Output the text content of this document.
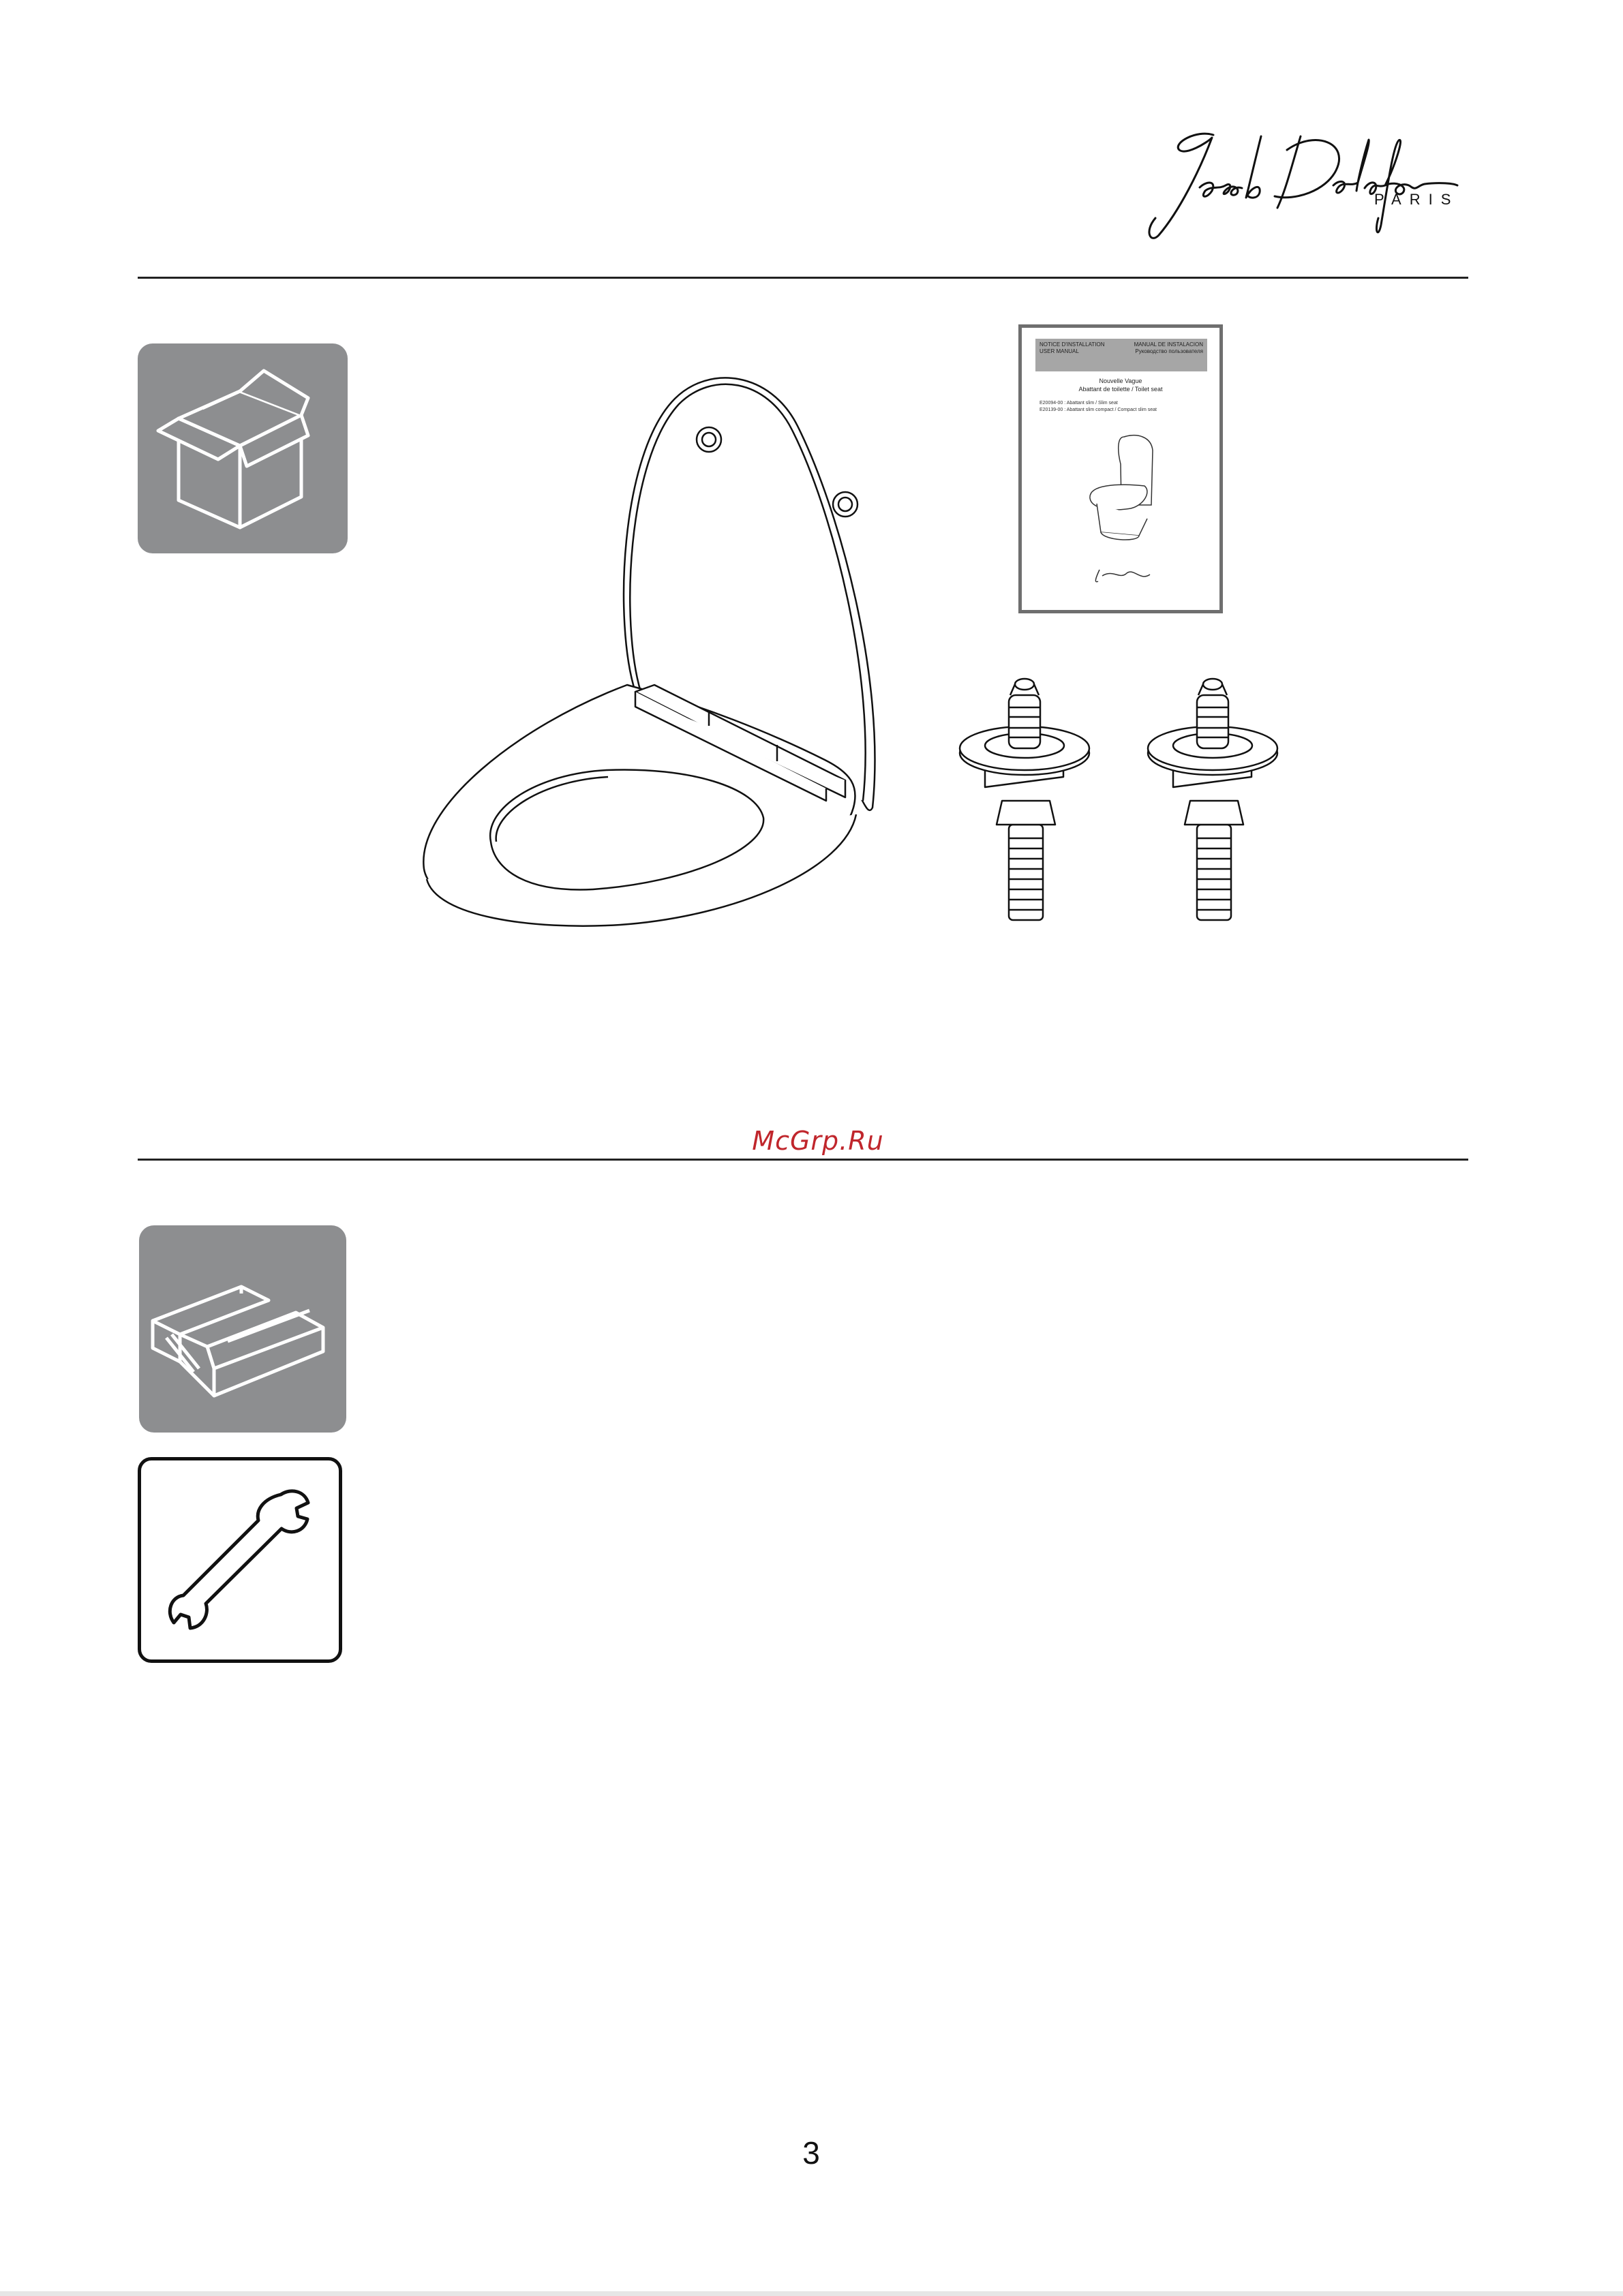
PARIS
NOTICE D'INSTALLATION
USER MANUAL
MANUAL DE INSTALACION
Руководство пользователя
Nouvelle Vague
Abattant de toilette / Toilet seat
E20094-00 : Abattant slim / Slim seat
E20139-00 : Abattant slim compact / Compact slim seat
McGrp.Ru
3
